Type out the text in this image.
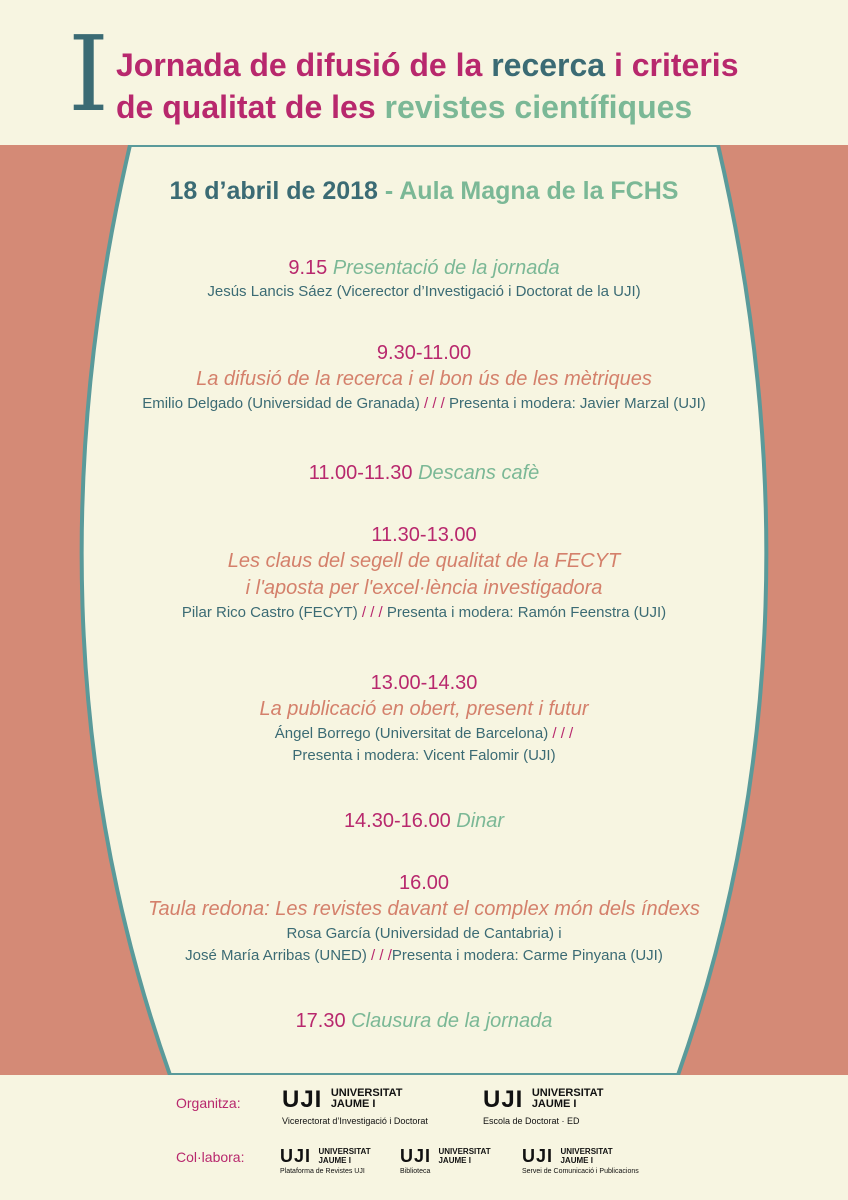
I Jornada de difusió de la recerca i criteris
de qualitat de les revistes científiques
18 d’abril de 2018 - Aula Magna de la FCHS
9.15 Presentació de la jornada
Jesús Lancis Sáez (Vicerector d’Investigació i Doctorat de la UJI)
9.30-11.00
La difusió de la recerca i el bon ús de les mètriques
Emilio Delgado (Universidad de Granada) / / / Presenta i modera: Javier Marzal (UJI)
11.00-11.30 Descans cafè
11.30-13.00
Les claus del segell de qualitat de la FECYT
i l'aposta per l'excel·lència investigadora
Pilar Rico Castro (FECYT) / / / Presenta i modera: Ramón Feenstra (UJI)
13.00-14.30
La publicació en obert, present i futur
Ángel Borrego (Universitat de Barcelona) / / /
Presenta i modera: Vicent Falomir (UJI)
14.30-16.00 Dinar
16.00
Taula redona: Les revistes davant el complex món dels índexs
Rosa García (Universidad de Cantabria) i
José María Arribas (UNED) / / /Presenta i modera: Carme Pinyana (UJI)
17.30 Clausura de la jornada
Organitza:
Col·labora:
UJI UNIVERSITAT
JAUME I
Vicerectorat d’Investigació i Doctorat
UJI UNIVERSITAT
JAUME I
Escola de Doctorat · ED
UJI UNIVERSITAT
JAUME I
Plataforma de Revistes UJI
UJI UNIVERSITAT
JAUME I
Biblioteca
UJI UNIVERSITAT
JAUME I
Servei de Comunicació i Publicacions
